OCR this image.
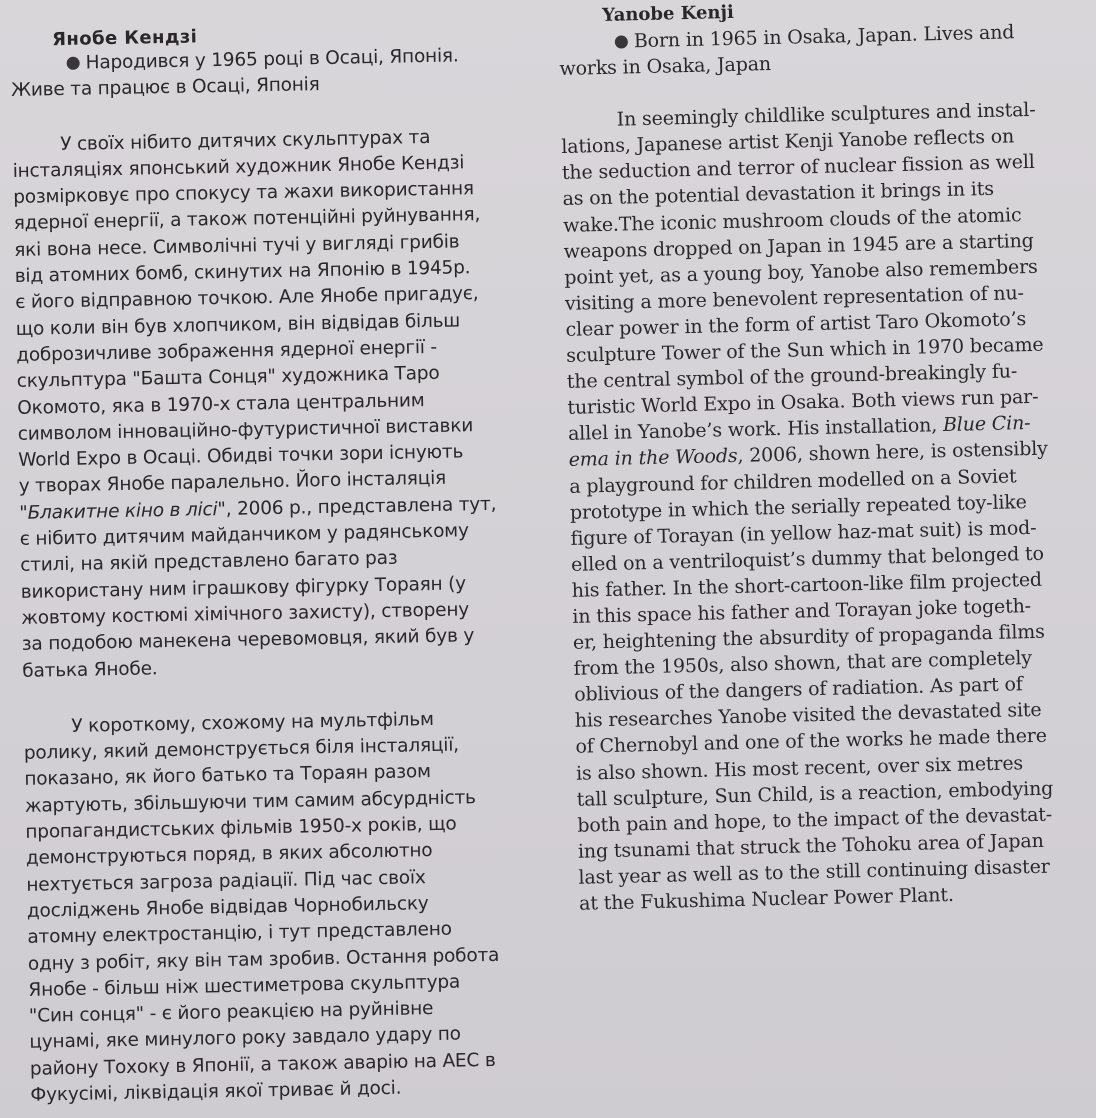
Янобе Кендзі
Народився у 1965 році в Осаці, Японія.
Живе та працює в Осаці, Японія
У своїх нібито дитячих скульптурах та
інсталяціях японський художник Янобе Кендзі
розмірковує про спокусу та жахи використання
ядерної енергії, а також потенційні руйнування,
які вона несе. Символічні тучі у вигляді грибів
від атомних бомб, скинутих на Японію в 1945р.
є його відправною точкою. Але Янобе пригадує,
що коли він був хлопчиком, він відвідав більш
доброзичливе зображення ядерної енергії -
скульптура "Башта Сонця" художника Таро
Окомото, яка в 1970-х стала центральним
символом інноваційно-футуристичної виставки
World Expo в Осаці. Обидві точки зори існують
у творах Янобе паралельно. Його інсталяція
"Блакитне кіно в лісі", 2006 р., представлена тут,
є нібито дитячим майданчиком у радянському
стилі, на якій представлено багато раз
використану ним іграшкову фігурку Тораян (у
жовтому костюмі хімічного захисту), створену
за подобою манекена черевомовця, який був у
батька Янобе.
У короткому, схожому на мультфільм
ролику, який демонструється біля інсталяції,
показано, як його батько та Тораян разом
жартують, збільшуючи тим самим абсурдність
пропагандистських фільмів 1950-х років, що
демонструються поряд, в яких абсолютно
нехтується загроза радіації. Під час своїх
досліджень Янобе відвідав Чорнобильску
атомну електростанцію, і тут представлено
одну з робіт, яку він там зробив. Остання робота
Янобе - більш ніж шестиметрова скульптура
"Син сонця" - є його реакцією на руйнівне
цунамі, яке минулого року завдало удару по
району Тохоку в Японії, а також аварію на АЕС в
Фукусімі, ліквідація якої триває й досі.
Yanobe Kenji
Born in 1965 in Osaka, Japan. Lives and
works in Osaka, Japan
In seemingly childlike sculptures and instal-
lations, Japanese artist Kenji Yanobe reflects on
the seduction and terror of nuclear fission as well
as on the potential devastation it brings in its
wake.The iconic mushroom clouds of the atomic
weapons dropped on Japan in 1945 are a starting
point yet, as a young boy, Yanobe also remembers
visiting a more benevolent representation of nu-
clear power in the form of artist Taro Okomoto’s
sculpture Tower of the Sun which in 1970 became
the central symbol of the ground-breakingly fu-
turistic World Expo in Osaka. Both views run par-
allel in Yanobe’s work. His installation, Blue Cin-
ema in the Woods, 2006, shown here, is ostensibly
a playground for children modelled on a Soviet
prototype in which the serially repeated toy-like
figure of Torayan (in yellow haz-mat suit) is mod-
elled on a ventriloquist’s dummy that belonged to
his father. In the short-cartoon-like film projected
in this space his father and Torayan joke togeth-
er, heightening the absurdity of propaganda films
from the 1950s, also shown, that are completely
oblivious of the dangers of radiation. As part of
his researches Yanobe visited the devastated site
of Chernobyl and one of the works he made there
is also shown. His most recent, over six metres
tall sculpture, Sun Child, is a reaction, embodying
both pain and hope, to the impact of the devastat-
ing tsunami that struck the Tohoku area of Japan
last year as well as to the still continuing disaster
at the Fukushima Nuclear Power Plant.
